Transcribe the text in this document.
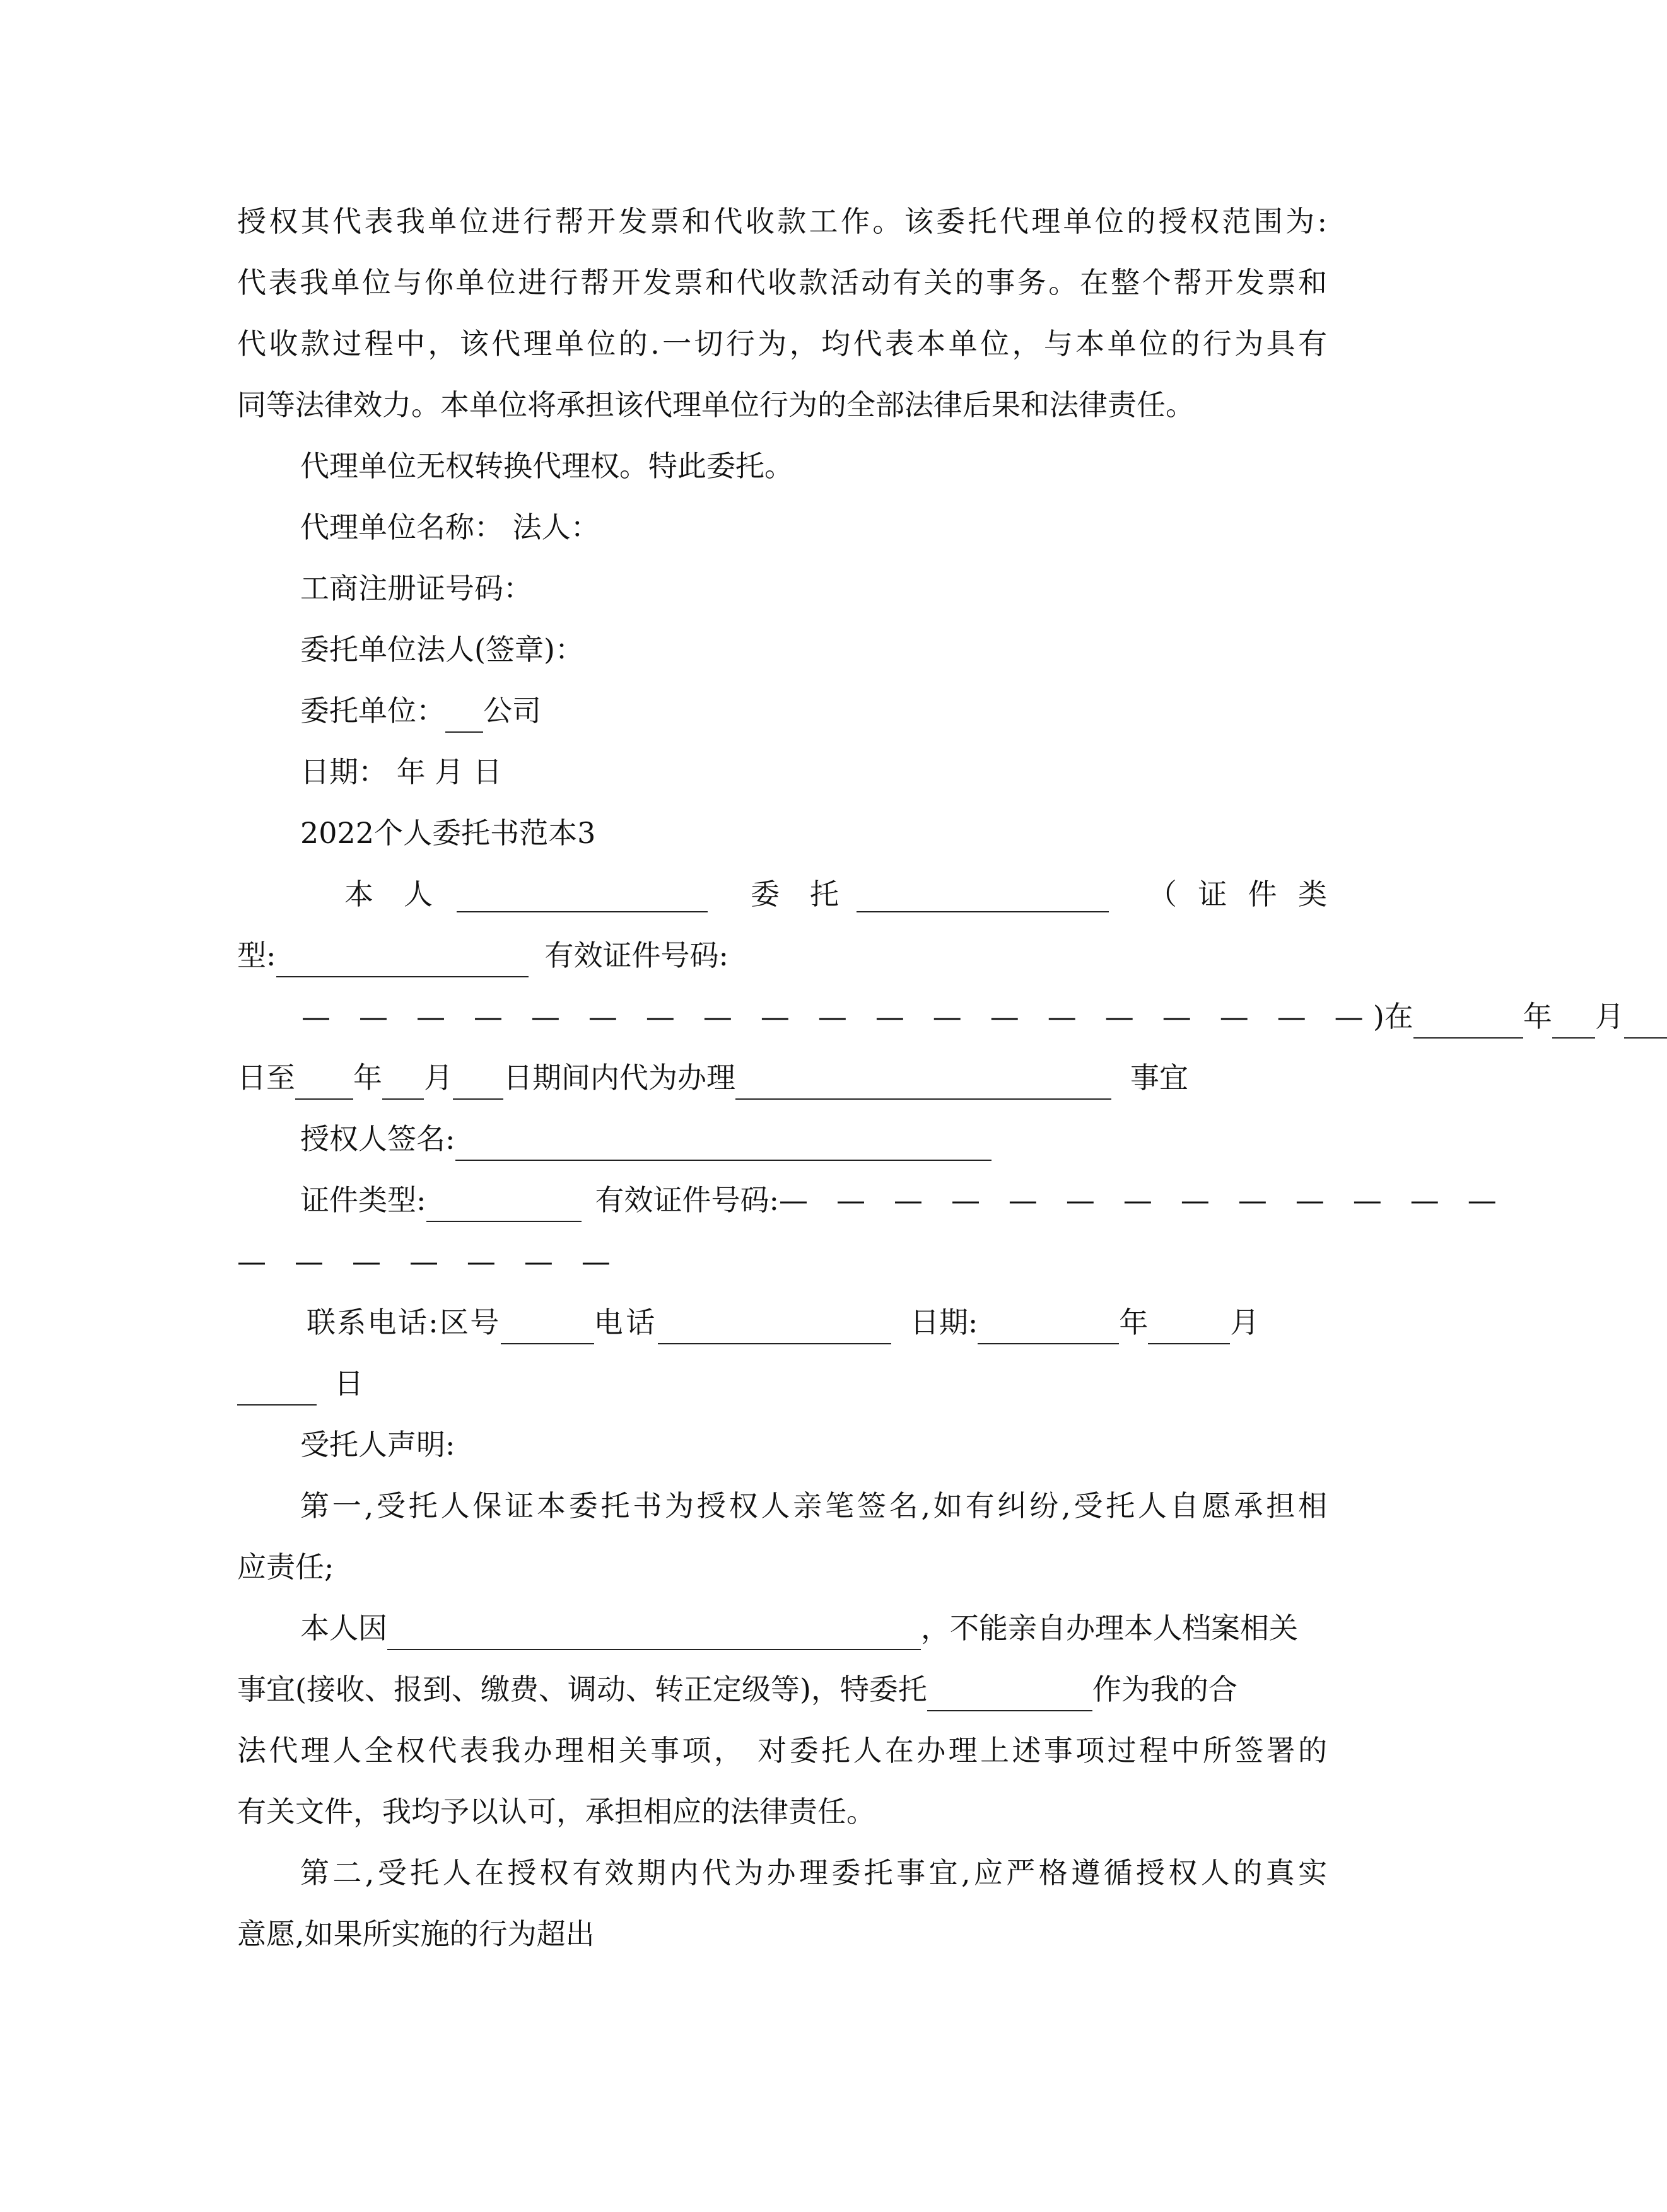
授权其代表我单位进行帮开发票和代收款工作。该委托代理单位的授权范围为:
代表我单位与你单位进行帮开发票和代收款活动有关的事务。在整个帮开发票和
代收款过程中，该代理单位的.一切行为，均代表本单位，与本单位的行为具有
同等法律效力。本单位将承担该代理单位行为的全部法律后果和法律责任。
代理单位无权转换代理权。特此委托。
代理单位名称： 法人：
工商注册证号码：
委托单位法人(签章)：
委托单位： 公司
日期： 年 月 日
2022个人委托书范本3
本 人	委 托	（ 证 件 类
型:	有效证件号码:
— — — — — — — — — — — — — — — — — — —)在	年 月
日至 年 月 日期间内代为办理	事宜
授权人签名:
证件类型:	有效证件号码:— — — — — — — — — — — — —
— — — — — — —
联系电话:区号	电话	日期:	年	月
日
受托人声明:
第一,受托人保证本委托书为授权人亲笔签名,如有纠纷,受托人自愿承担相
应责任;
本人因	，不能亲自办理本人档案相关
事宜(接收、报到、缴费、调动、转正定级等)，特委托	作为我的合
法代理人全权代表我办理相关事项， 对委托人在办理上述事项过程中所签署的
有关文件，我均予以认可，承担相应的法律责任。
第二,受托人在授权有效期内代为办理委托事宜,应严格遵循授权人的真实
意愿,如果所实施的行为超出
